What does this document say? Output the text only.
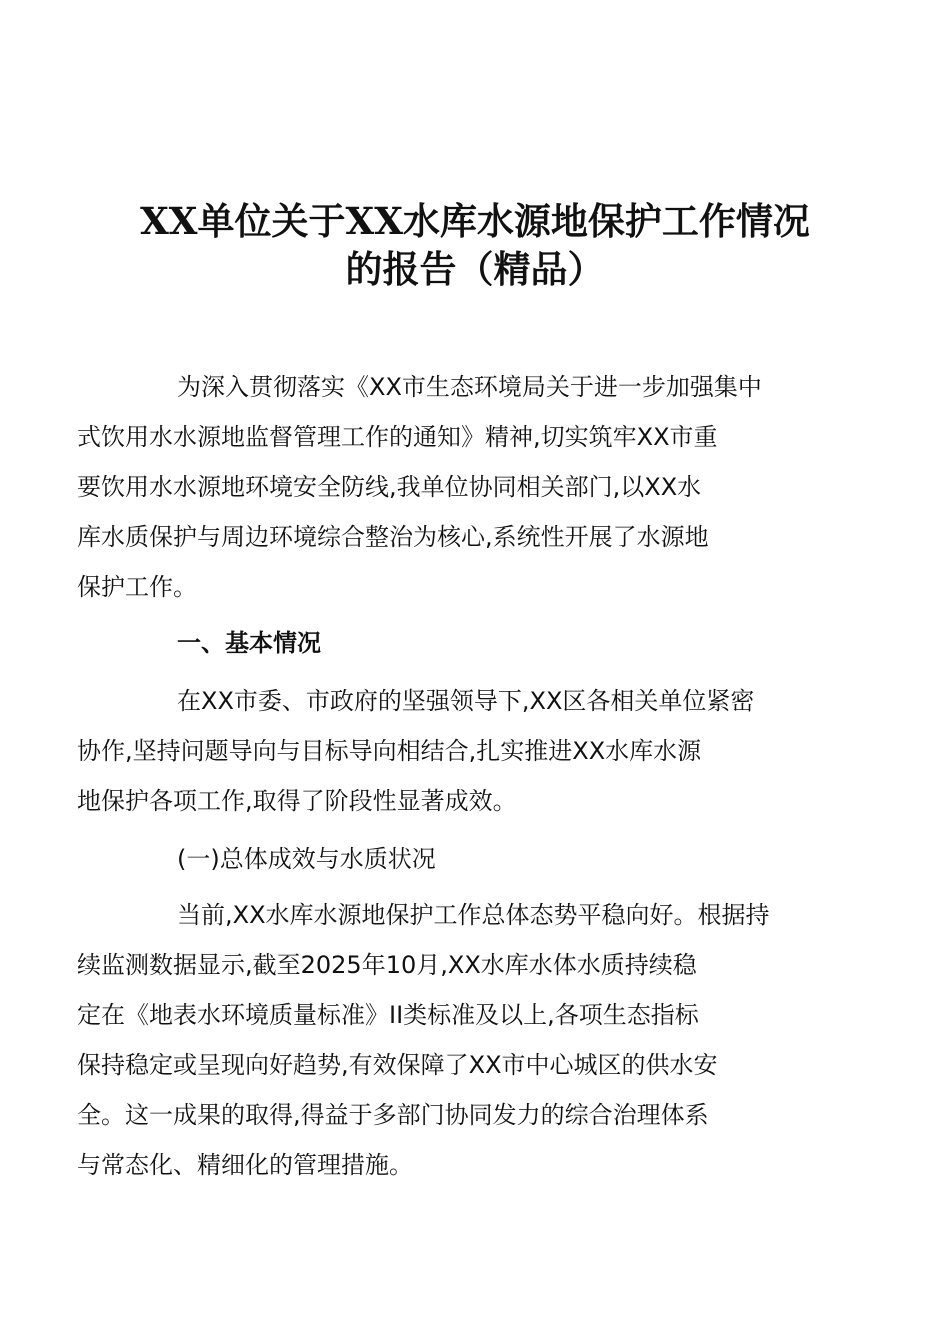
XX单位关于XX水库水源地保护工作情况
的报告（精品）

为深入贯彻落实《XX市生态环境局关于进一步加强集中
式饮用水水源地监督管理工作的通知》精神,切实筑牢XX市重
要饮用水水源地环境安全防线,我单位协同相关部门,以XX水
库水质保护与周边环境综合整治为核心,系统性开展了水源地
保护工作。

一、基本情况

在XX市委、市政府的坚强领导下,XX区各相关单位紧密
协作,坚持问题导向与目标导向相结合,扎实推进XX水库水源
地保护各项工作,取得了阶段性显著成效。

(一)总体成效与水质状况

当前,XX水库水源地保护工作总体态势平稳向好。根据持
续监测数据显示,截至2025年10月,XX水库水体水质持续稳
定在《地表水环境质量标准》II类标准及以上,各项生态指标
保持稳定或呈现向好趋势,有效保障了XX市中心城区的供水安
全。这一成果的取得,得益于多部门协同发力的综合治理体系
与常态化、精细化的管理措施。
